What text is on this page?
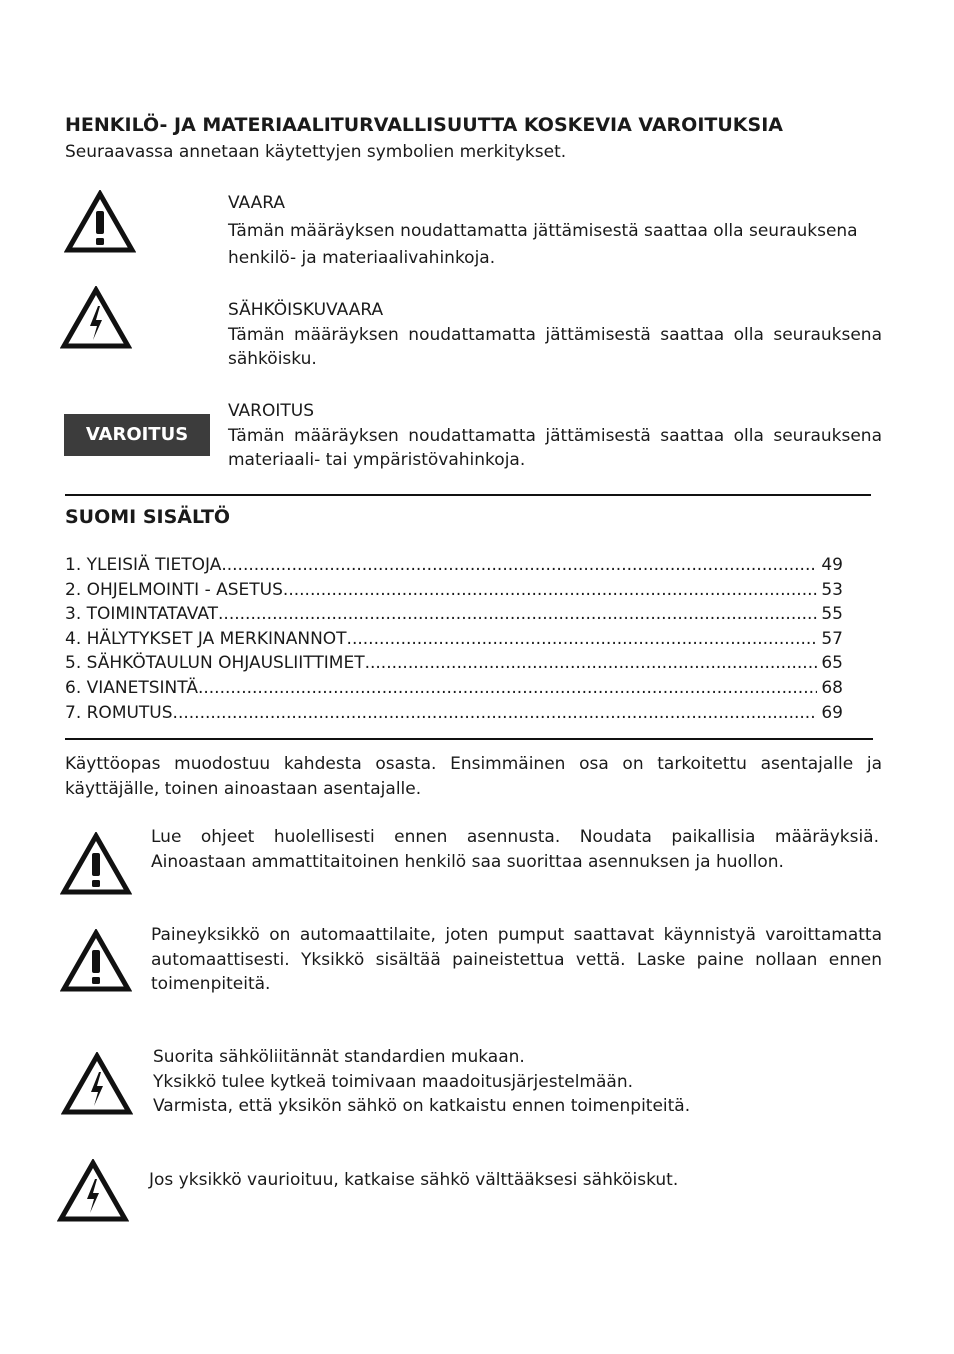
HENKILÖ- JA MATERIAALITURVALLISUUTTA KOSKEVIA VAROITUKSIA
Seuraavassa annetaan käytettyjen symbolien merkitykset.
VAARA
Tämän määräyksen noudattamatta jättämisestä saattaa olla seurauksena henkilö- ja materiaalivahinkoja.
SÄHKÖISKUVAARA
Tämän määräyksen noudattamatta jättämisestä saattaa olla seurauksena sähköisku.
VAROITUS
VAROITUS
Tämän määräyksen noudattamatta jättämisestä saattaa olla seurauksena materiaali- tai ympäristövahinkoja.
SUOMI SISÄLTÖ
1. YLEISIÄ TIETOJA .....	49
2. OHJELMOINTI - ASETUS .....	53
3. TOIMINTATAVAT .....	55
4. HÄLYTYKSET JA MERKINANNOT .....	57
5. SÄHKÖTAULUN OHJAUSLIITTIMET .....	65
6. VIANETSINTÄ .....	68
7. ROMUTUS .....	69
Käyttöopas muodostuu kahdesta osasta. Ensimmäinen osa on tarkoitettu asentajalle ja käyttäjälle, toinen ainoastaan asentajalle.
Lue ohjeet huolellisesti ennen asennusta. Noudata paikallisia määräyksiä. Ainoastaan ammattitaitoinen henkilö saa suorittaa asennuksen ja huollon.
Paineyksikkö on automaattilaite, joten pumput saattavat käynnistyä varoittamatta automaattisesti. Yksikkö sisältää paineistettua vettä. Laske paine nollaan ennen toimenpiteitä.
Suorita sähköliitännät standardien mukaan.
Yksikkö tulee kytkeä toimivaan maadoitusjärjestelmään.
Varmista, että yksikön sähkö on katkaistu ennen toimenpiteitä.
Jos yksikkö vaurioituu, katkaise sähkö välttääksesi sähköiskut.
